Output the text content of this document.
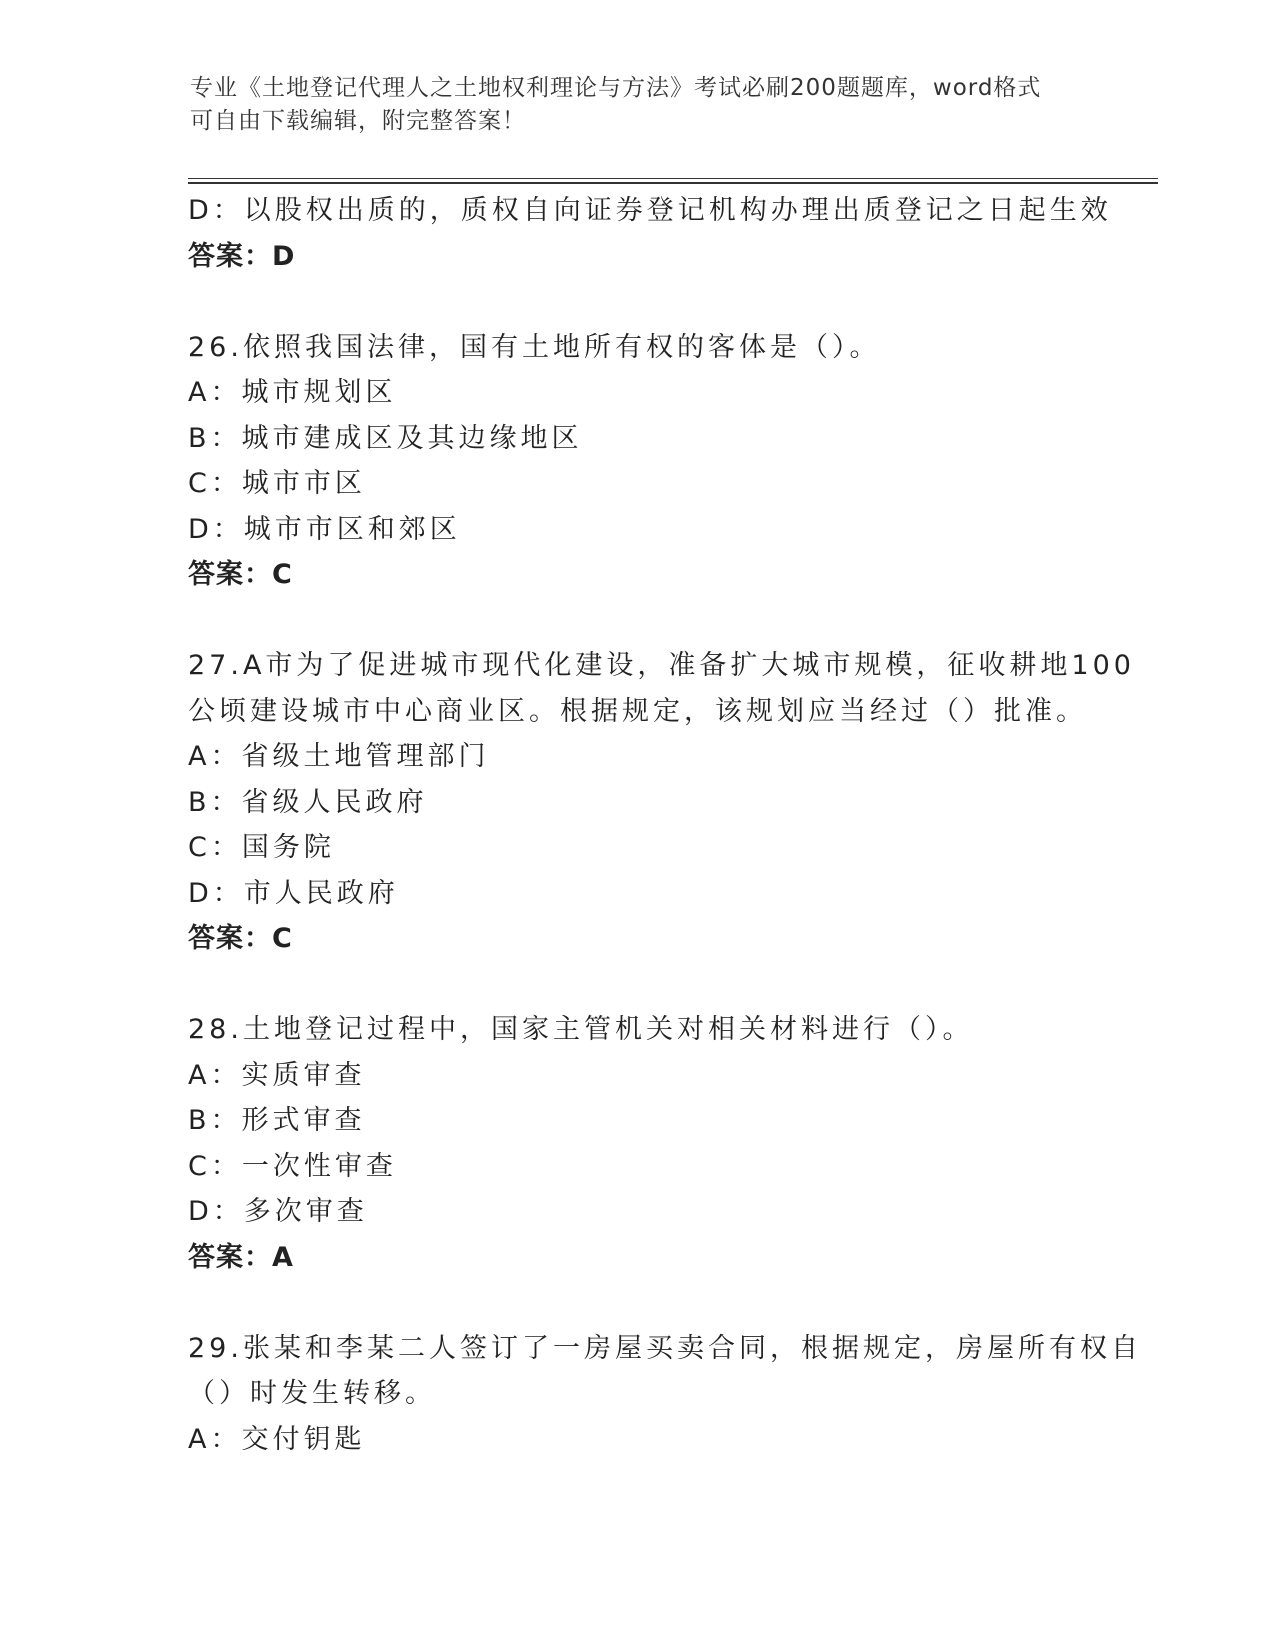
专业《土地登记代理人之土地权利理论与方法》考试必刷200题题库，word格式
可自由下载编辑，附完整答案！
D：以股权出质的，质权自向证券登记机构办理出质登记之日起生效
答案：D
26.依照我国法律，国有土地所有权的客体是（）。
A：城市规划区
B：城市建成区及其边缘地区
C：城市市区
D：城市市区和郊区
答案：C
27.A市为了促进城市现代化建设，准备扩大城市规模，征收耕地100
公顷建设城市中心商业区。根据规定，该规划应当经过（）批准。
A：省级土地管理部门
B：省级人民政府
C：国务院
D：市人民政府
答案：C
28.土地登记过程中，国家主管机关对相关材料进行（）。
A：实质审查
B：形式审查
C：一次性审查
D：多次审查
答案：A
29.张某和李某二人签订了一房屋买卖合同，根据规定，房屋所有权自
（）时发生转移。
A：交付钥匙
